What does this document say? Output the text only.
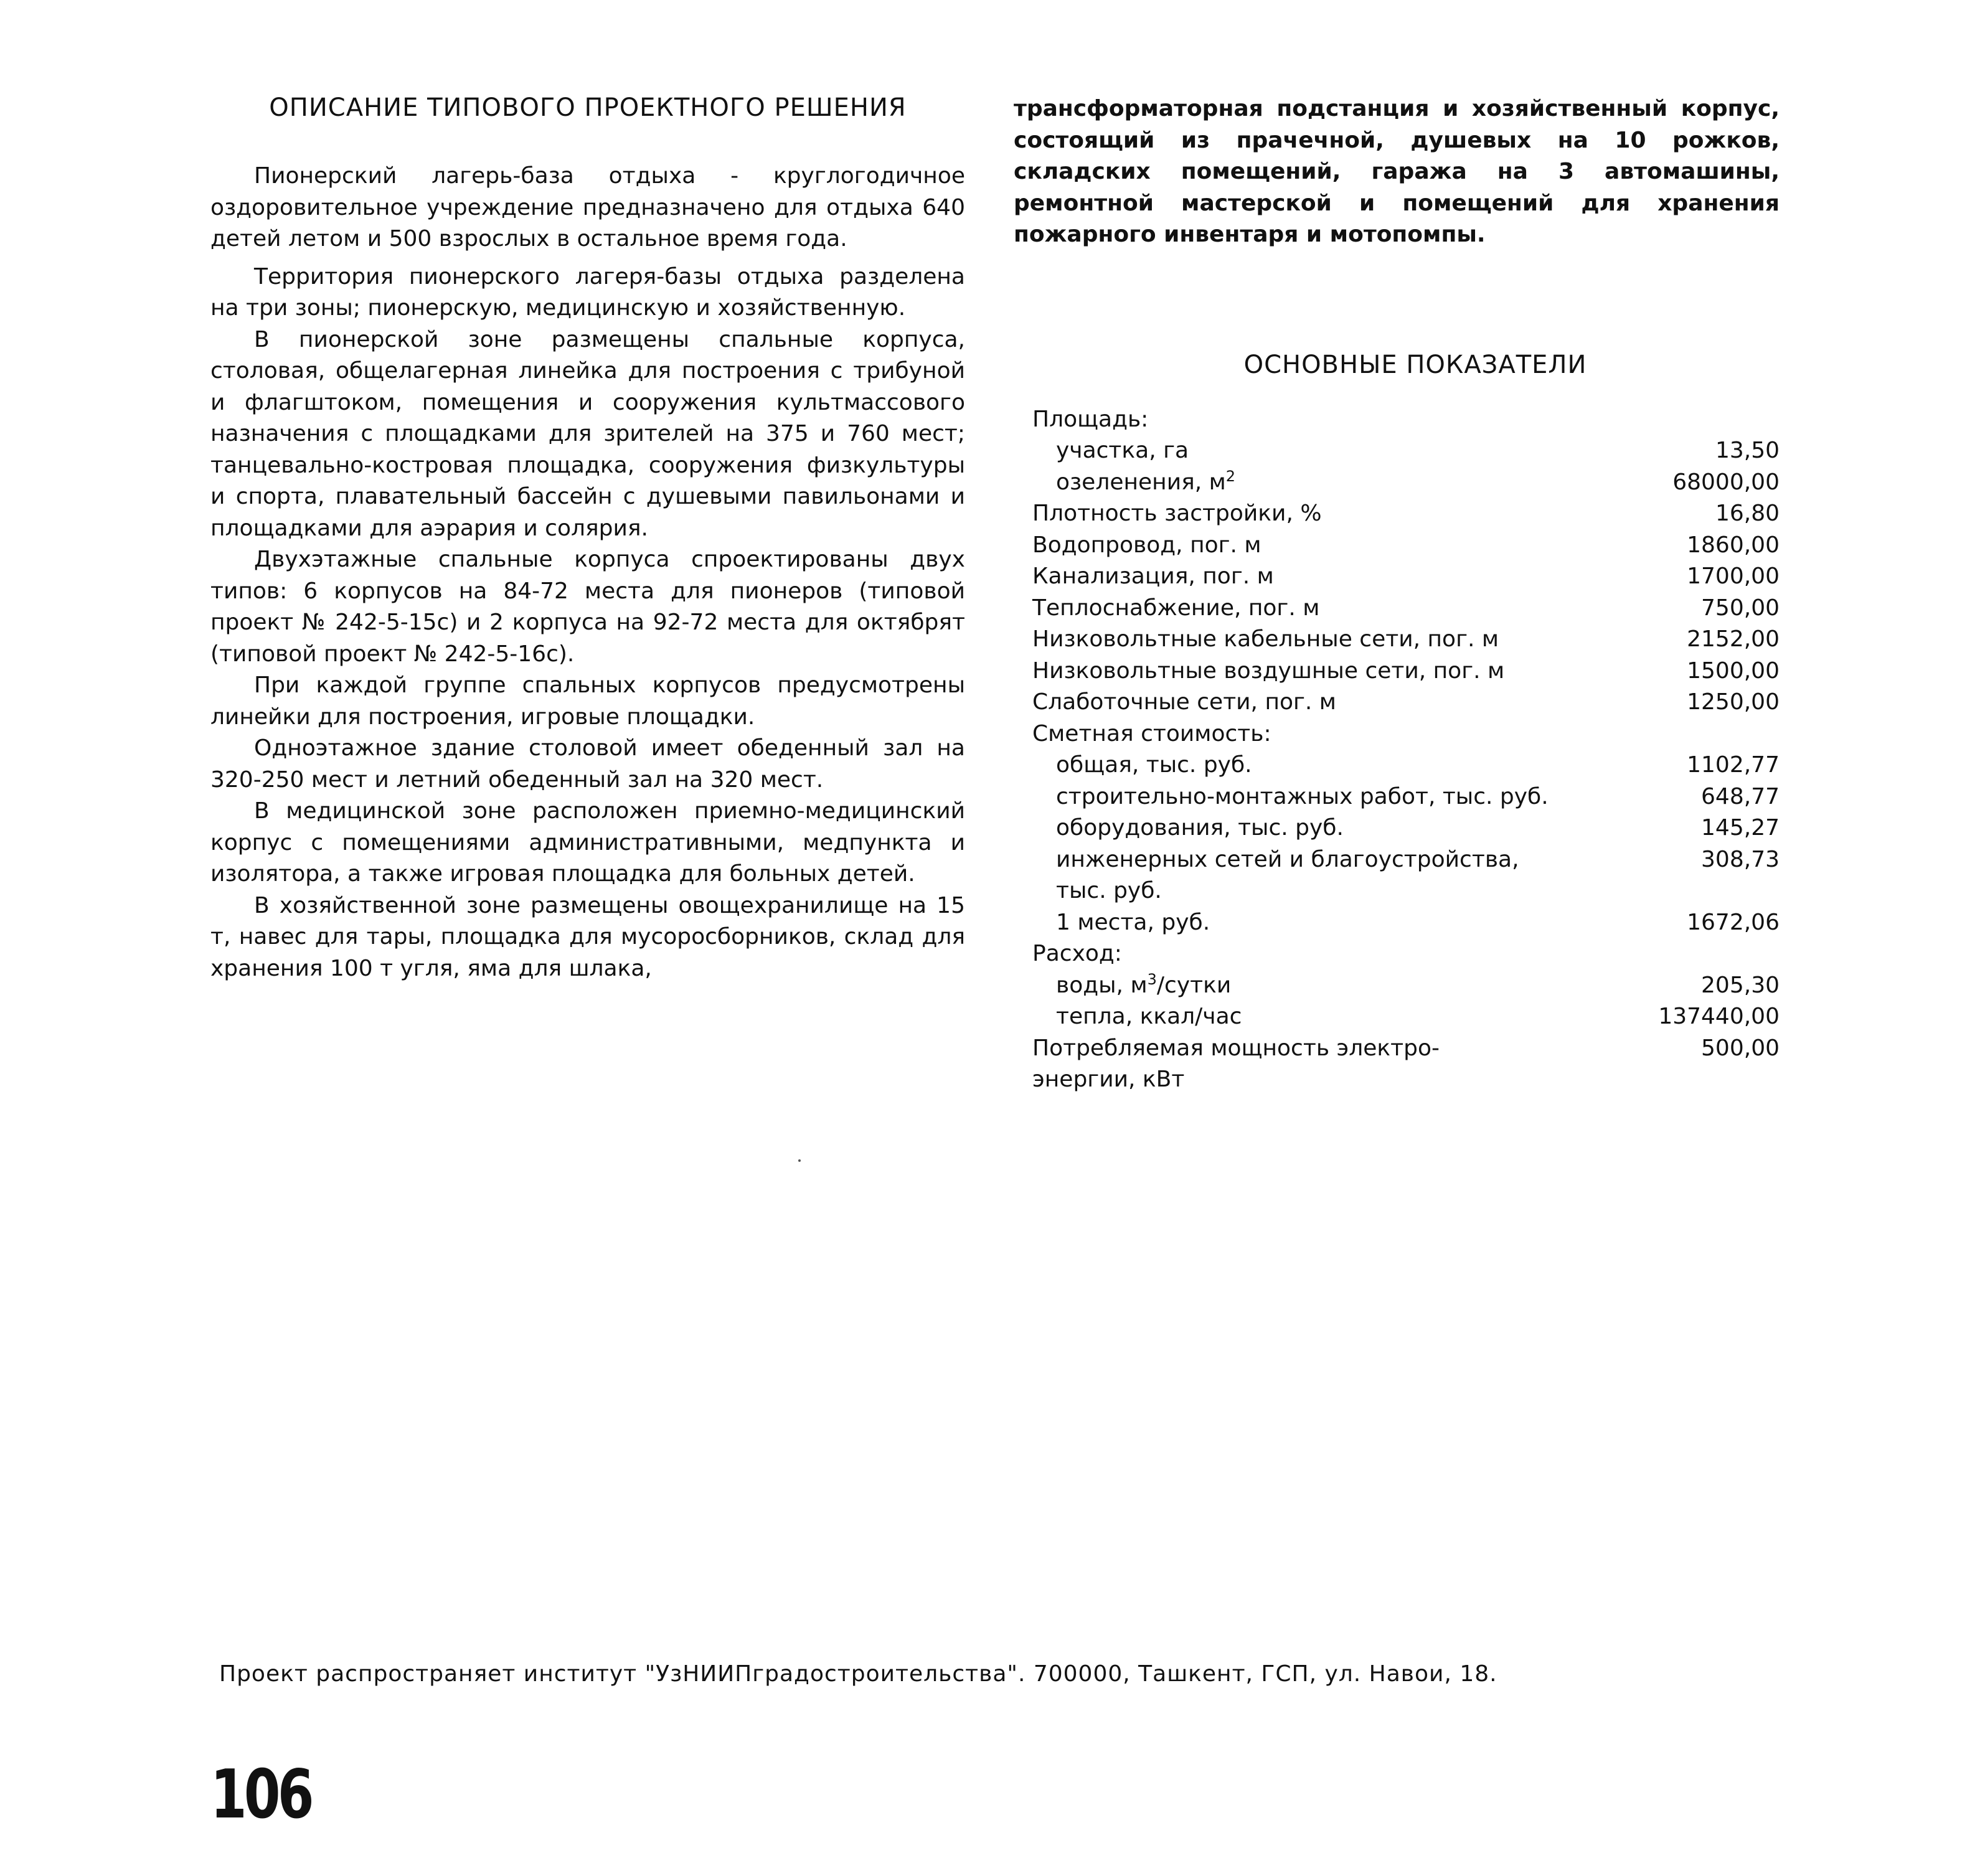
ОПИСАНИЕ ТИПОВОГО ПРОЕКТНОГО РЕШЕНИЯ

Пионерский лагерь-база отдыха - круглогодичное оздоровительное учреждение предназначено для отдыха 640 детей летом и 500 взрослых в остальное время года.

Территория пионерского лагеря-базы отдыха разделена на три зоны; пионерскую, медицинскую и хозяйственную.

В пионерской зоне размещены спальные корпуса, столовая, общелагерная линейка для построения с трибуной и флагштоком, помещения и сооружения культмассового назначения с площадками для зрителей на 375 и 760 мест; танцевально-костровая площадка, сооружения физкультуры и спорта, плавательный бассейн с душевыми павильонами и площадками для аэрария и солярия.

Двухэтажные спальные корпуса спроектированы двух типов: 6 корпусов на 84-72 места для пионеров (типовой проект № 242-5-15с) и 2 корпуса на 92-72 места для октябрят (типовой проект № 242-5-16с).

При каждой группе спальных корпусов предусмотрены линейки для построения, игровые площадки.

Одноэтажное здание столовой имеет обеденный зал на 320-250 мест и летний обеденный зал на 320 мест.

В медицинской зоне расположен приемно-медицинский корпус с помещениями административными, медпункта и изолятора, а также игровая площадка для больных детей.

В хозяйственной зоне размещены овощехранилище на 15 т, навес для тары, площадка для мусоросборников, склад для хранения 100 т угля, яма для шлака,

трансформаторная подстанция и хозяйственный корпус, состоящий из прачечной, душевых на 10 рожков, складских помещений, гаража на 3 автомашины, ремонтной мастерской и помещений для хранения пожарного инвентаря и мотопомпы.

ОСНОВНЫЕ ПОКАЗАТЕЛИ
Площадь:
участка, га	13,50
озеленения, $м^2$	68000,00
Плотность застройки, %	16,80
Водопровод, пог. м	1860,00
Канализация, пог. м	1700,00
Теплоснабжение, пог. м	750,00
Низковольтные кабельные сети, пог. м	2152,00
Низковольтные воздушные сети, пог. м	1500,00
Слаботочные сети, пог. м	1250,00
Сметная стоимость:
общая, тыс. руб.	1102,77
строительно-монтажных работ, тыс. руб.	648,77
оборудования, тыс. руб.	145,27
инженерных сетей и благоустройства,	308,73
тыс. руб.
1 места, руб.	1672,06
Расход:
воды, $м^3$/сутки	205,30
тепла, ккал/час	137440,00
Потребляемая мощность электро-	500,00
энергии, кВт
Проект распространяет институт "УзНИИПградостроительства". 700000, Ташкент, ГСП, ул. Навои, 18.
106
